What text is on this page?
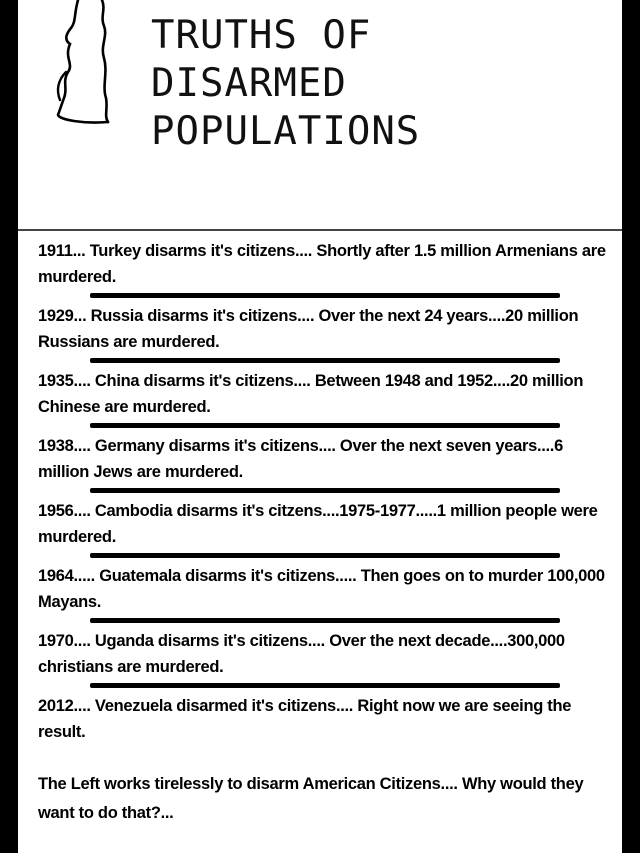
TRUTHS OF
DISARMED
POPULATIONS
1911... Turkey disarms it's citizens.... Shortly after 1.5 million Armenians are murdered.
1929... Russia disarms it's citizens.... Over the next 24 years....20 million Russians are murdered.
1935.... China disarms it's citizens.... Between 1948 and 1952....20 million Chinese are murdered.
1938.... Germany disarms it's citizens.... Over the next seven years....6 million Jews are murdered.
1956.... Cambodia disarms it's citzens....1975-1977.....1 million people were murdered.
1964..... Guatemala disarms it's citizens..... Then goes on to murder 100,000 Mayans.
1970.... Uganda disarms it's citizens.... Over the next decade....300,000 christians are murdered.
2012.... Venezuela disarmed it's citizens.... Right now we are seeing the result.

The Left works tirelessly to disarm American Citizens.... Why would they want to do that?...
